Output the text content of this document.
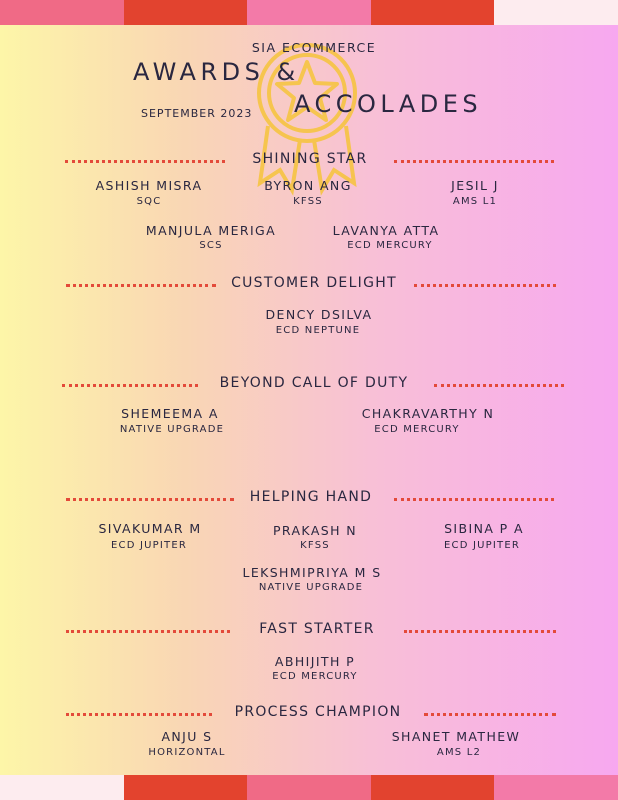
SIA ECOMMERCE
AWARDS &
ACCOLADES
SEPTEMBER 2023
SHINING STAR
ASHISH MISRA
SQC
BYRON ANG
KFSS
JESIL J
AMS L1
MANJULA MERIGA
SCS
LAVANYA ATTA
ECD MERCURY
CUSTOMER DELIGHT
DENCY DSILVA
ECD NEPTUNE
BEYOND CALL OF DUTY
SHEMEEMA A
NATIVE UPGRADE
CHAKRAVARTHY N
ECD MERCURY
HELPING HAND
SIVAKUMAR M
ECD JUPITER
PRAKASH N
KFSS
SIBINA P A
ECD JUPITER
LEKSHMIPRIYA M S
NATIVE UPGRADE
FAST STARTER
ABHIJITH P
ECD MERCURY
PROCESS CHAMPION
ANJU S
HORIZONTAL
SHANET MATHEW
AMS L2
